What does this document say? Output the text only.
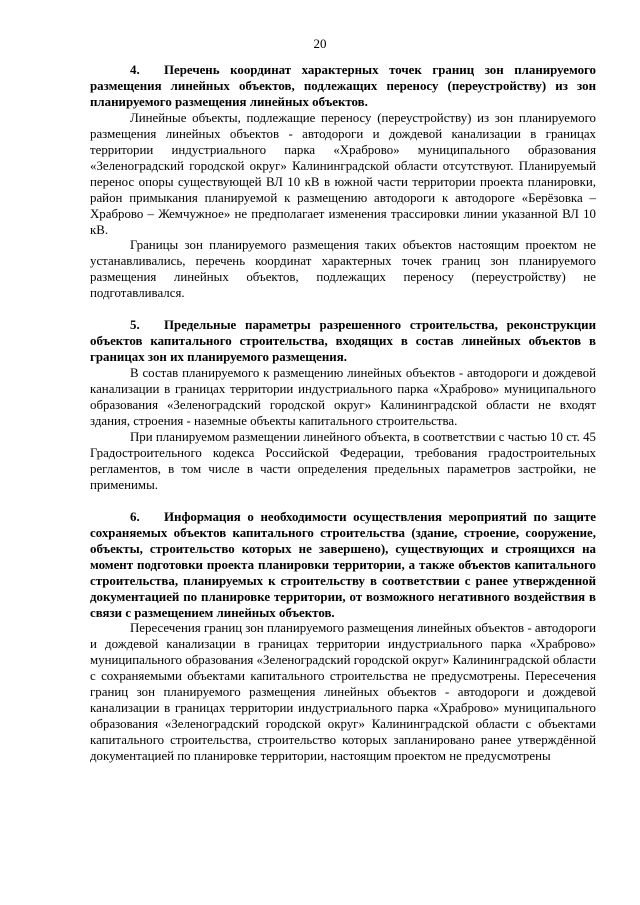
20

4. Перечень координат характерных точек границ зон планируемого размещения линейных объектов, подлежащих переносу (переустройству) из зон планируемого размещения линейных объектов.

Линейные объекты, подлежащие переносу (переустройству) из зон планируемого размещения линейных объектов - автодороги и дождевой канализации в границах территории индустриального парка «Храброво» муниципального образования «Зеленоградский городской округ» Калининградской области отсутствуют. Планируемый перенос опоры существующей ВЛ 10 кВ в южной части территории проекта планировки, район примыкания планируемой к размещению автодороги к автодороге «Берёзовка – Храброво – Жемчужное» не предполагает изменения трассировки линии указанной ВЛ 10 кВ.

Границы зон планируемого размещения таких объектов настоящим проектом не устанавливались, перечень координат характерных точек границ зон планируемого размещения линейных объектов, подлежащих переносу (переустройству) не подготавливался.

5. Предельные параметры разрешенного строительства, реконструкции объектов капитального строительства, входящих в состав линейных объектов в границах зон их планируемого размещения.

В состав планируемого к размещению линейных объектов - автодороги и дождевой канализации в границах территории индустриального парка «Храброво» муниципального образования «Зеленоградский городской округ» Калининградской области не входят здания, строения - наземные объекты капитального строительства.

При планируемом размещении линейного объекта, в соответствии с частью 10 ст. 45 Градостроительного кодекса Российской Федерации, требования градостроительных регламентов, в том числе в части определения предельных параметров застройки, не применимы.

6. Информация о необходимости осуществления мероприятий по защите сохраняемых объектов капитального строительства (здание, строение, сооружение, объекты, строительство которых не завершено), существующих и строящихся на момент подготовки проекта планировки территории, а также объектов капитального строительства, планируемых к строительству в соответствии с ранее утвержденной документацией по планировке территории, от возможного негативного воздействия в связи с размещением линейных объектов.

Пересечения границ зон планируемого размещения линейных объектов - автодороги и дождевой канализации в границах территории индустриального парка «Храброво» муниципального образования «Зеленоградский городской округ» Калининградской области с сохраняемыми объектами капитального строительства не предусмотрены. Пересечения границ зон планируемого размещения линейных объектов - автодороги и дождевой канализации в границах территории индустриального парка «Храброво» муниципального образования «Зеленоградский городской округ» Калининградской области с объектами капитального строительства, строительство которых запланировано ранее утверждённой документацией по планировке территории, настоящим проектом не предусмотрены
